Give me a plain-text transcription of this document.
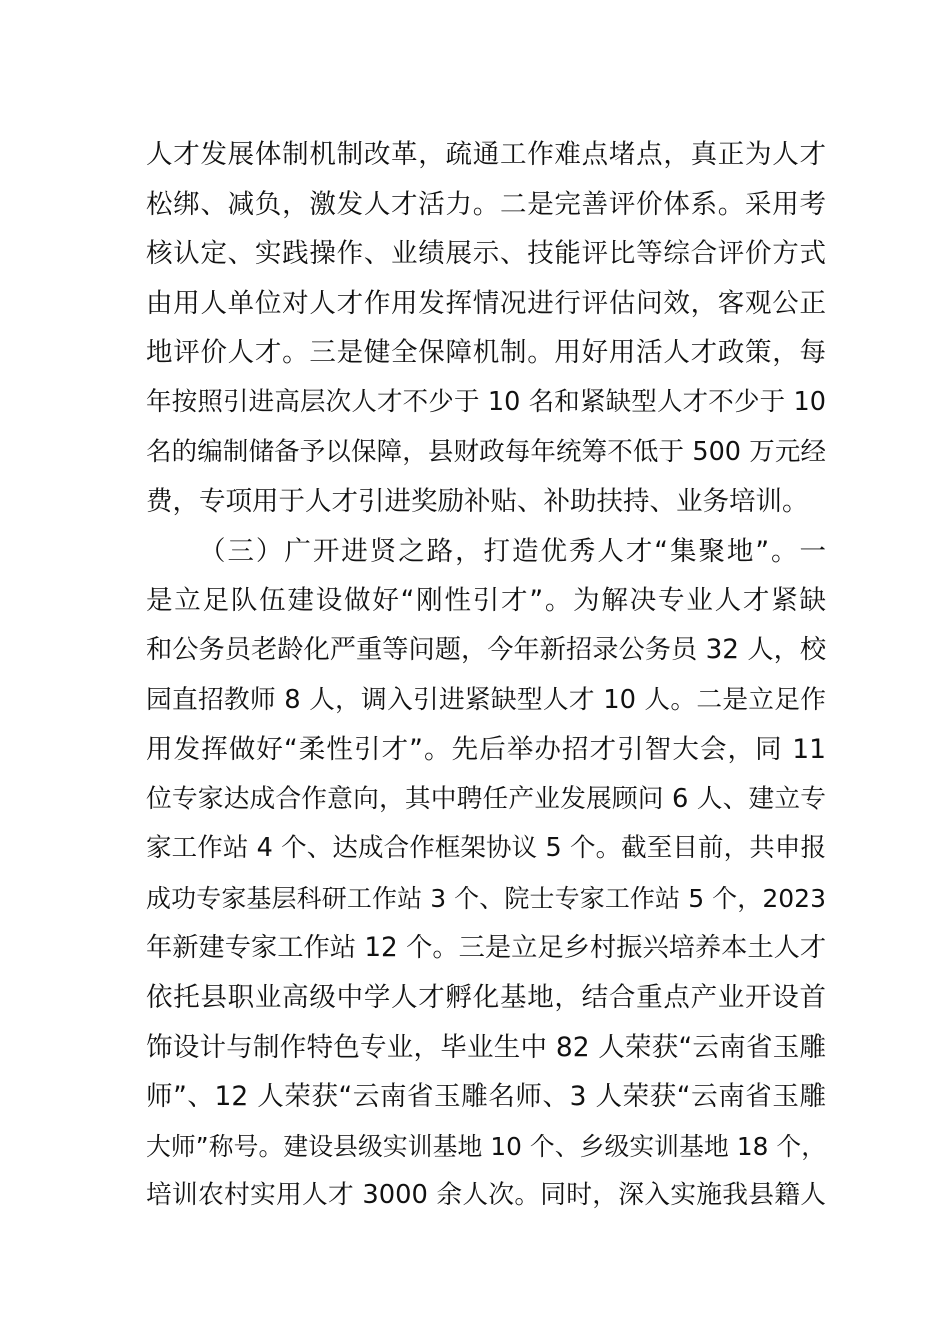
人才发展体制机制改革，疏通工作难点堵点，真正为人才
松绑、减负，激发人才活力。二是完善评价体系。采用考
核认定、实践操作、业绩展示、技能评比等综合评价方式
由用人单位对人才作用发挥情况进行评估问效，客观公正
地评价人才。三是健全保障机制。用好用活人才政策，每
年按照引进高层次人才不少于 10 名和紧缺型人才不少于 10
名的编制储备予以保障，县财政每年统筹不低于 500 万元经
费，专项用于人才引进奖励补贴、补助扶持、业务培训。
（三）广开进贤之路，打造优秀人才“集聚地”。一
是立足队伍建设做好“刚性引才”。为解决专业人才紧缺
和公务员老龄化严重等问题，今年新招录公务员 32 人，校
园直招教师 8 人，调入引进紧缺型人才 10 人。二是立足作
用发挥做好“柔性引才”。先后举办招才引智大会，同 11
位专家达成合作意向，其中聘任产业发展顾问 6 人、建立专
家工作站 4 个、达成合作框架协议 5 个。截至目前，共申报
成功专家基层科研工作站 3 个、院士专家工作站 5 个，2023
年新建专家工作站 12 个。三是立足乡村振兴培养本土人才
依托县职业高级中学人才孵化基地，结合重点产业开设首
饰设计与制作特色专业，毕业生中 82 人荣获“云南省玉雕
师”、12 人荣获“云南省玉雕名师、3 人荣获“云南省玉雕
大师”称号。建设县级实训基地 10 个、乡级实训基地 18 个，
培训农村实用人才 3000 余人次。同时，深入实施我县籍人
